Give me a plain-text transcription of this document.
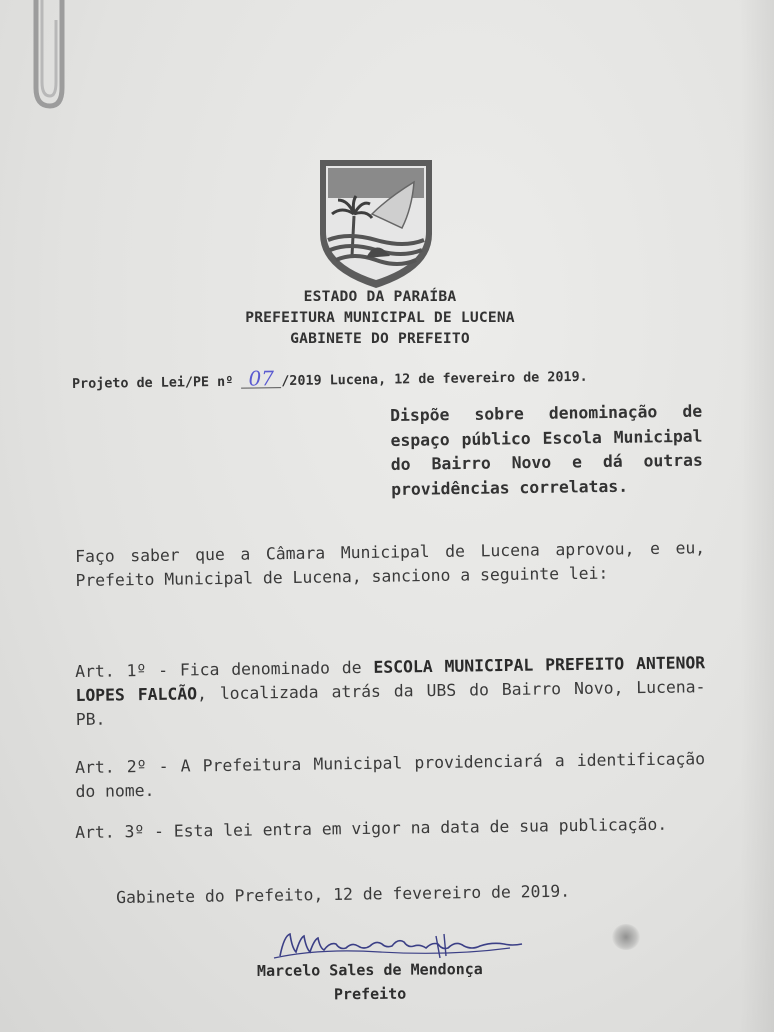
ESTADO DA PARAÍBA
PREFEITURA MUNICIPAL DE LUCENA
GABINETE DO PREFEITO
Projeto de Lei/PE nº 07 /2019 Lucena, 12 de fevereiro de 2019.
Dispõe sobre denominação de espaço público Escola Municipal do Bairro Novo e dá outras providências correlatas.
Faço saber que a Câmara Municipal de Lucena aprovou, e eu, Prefeito Municipal de Lucena, sanciono a seguinte lei:
Art. 1º - Fica denominado de ESCOLA MUNICIPAL PREFEITO ANTENOR LOPES FALCÃO, localizada atrás da UBS do Bairro Novo, Lucena-PB.
Art. 2º - A Prefeitura Municipal providenciará a identificação do nome.
Art. 3º - Esta lei entra em vigor na data de sua publicação.
Gabinete do Prefeito, 12 de fevereiro de 2019.
Marcelo Sales de Mendonça
Prefeito
